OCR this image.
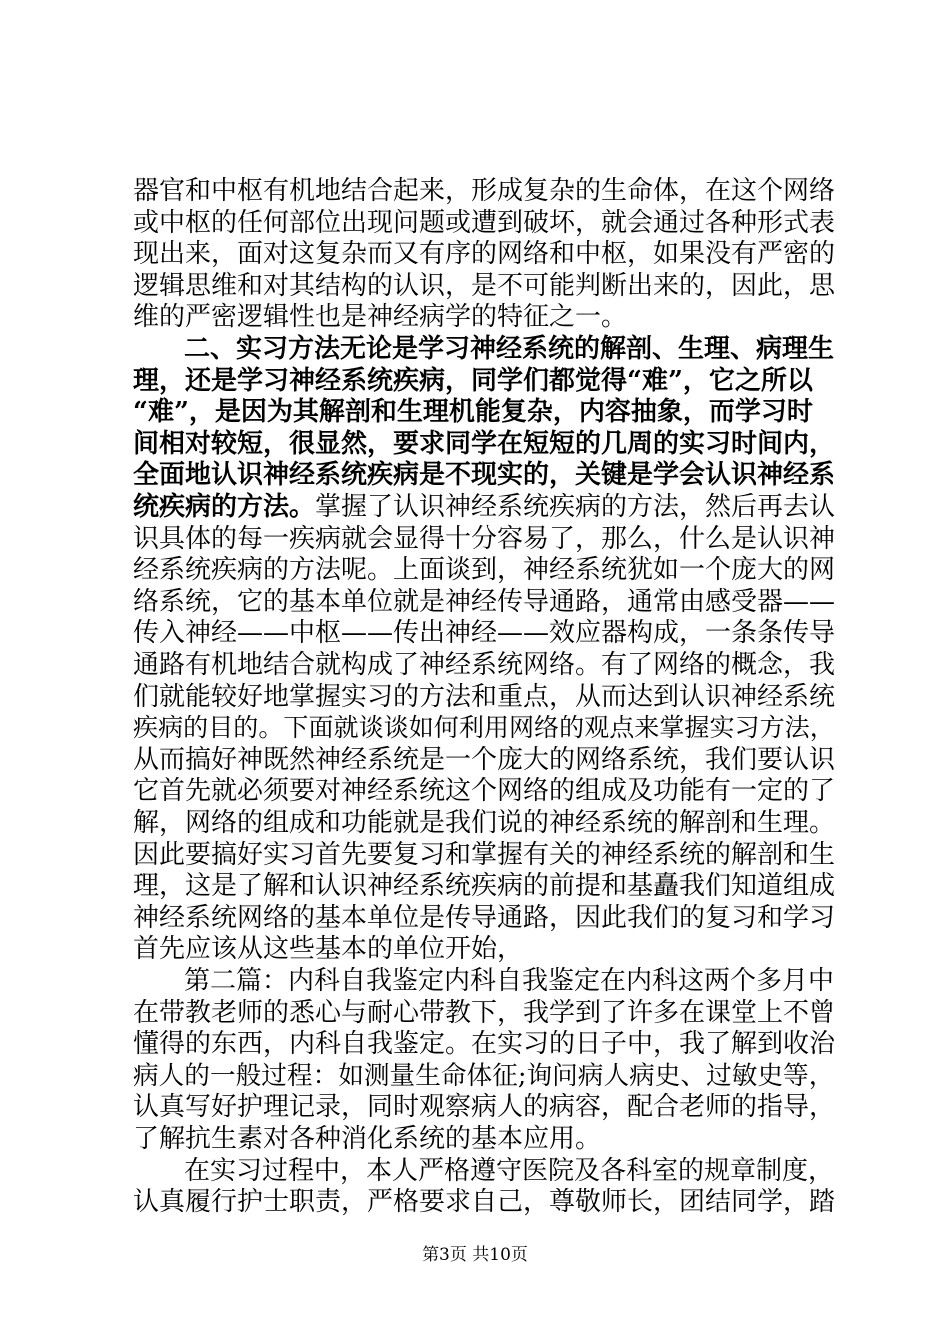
器官和中枢有机地结合起来，形成复杂的生命体，在这个网络
或中枢的任何部位出现问题或遭到破坏，就会通过各种形式表
现出来，面对这复杂而又有序的网络和中枢，如果没有严密的
逻辑思维和对其结构的认识，是不可能判断出来的，因此，思
维的严密逻辑性也是神经病学的特征之一。
二、实习方法无论是学习神经系统的解剖、生理、病理生
理，还是学习神经系统疾病，同学们都觉得“难”，它之所以
“难”，是因为其解剖和生理机能复杂，内容抽象，而学习时
间相对较短，很显然，要求同学在短短的几周的实习时间内，
全面地认识神经系统疾病是不现实的，关键是学会认识神经系
统疾病的方法。掌握了认识神经系统疾病的方法，然后再去认
识具体的每一疾病就会显得十分容易了，那么，什么是认识神
经系统疾病的方法呢。上面谈到，神经系统犹如一个庞大的网
络系统，它的基本单位就是神经传导通路，通常由感受器——
传入神经——中枢——传出神经——效应器构成，一条条传导
通路有机地结合就构成了神经系统网络。有了网络的概念，我
们就能较好地掌握实习的方法和重点，从而达到认识神经系统
疾病的目的。下面就谈谈如何利用网络的观点来掌握实习方法，
从而搞好神既然神经系统是一个庞大的网络系统，我们要认识
它首先就必须要对神经系统这个网络的组成及功能有一定的了
解，网络的组成和功能就是我们说的神经系统的解剖和生理。
因此要搞好实习首先要复习和掌握有关的神经系统的解剖和生
理，这是了解和认识神经系统疾病的前提和基矗我们知道组成
神经系统网络的基本单位是传导通路，因此我们的复习和学习
首先应该从这些基本的单位开始，
第二篇：内科自我鉴定内科自我鉴定在内科这两个多月中
在带教老师的悉心与耐心带教下，我学到了许多在课堂上不曾
懂得的东西，内科自我鉴定。在实习的日子中，我了解到收治
病人的一般过程：如测量生命体征;询问病人病史、过敏史等，
认真写好护理记录，同时观察病人的病容，配合老师的指导，
了解抗生素对各种消化系统的基本应用。
在实习过程中，本人严格遵守医院及各科室的规章制度，
认真履行护士职责，严格要求自己，尊敬师长，团结同学，踏
第3页 共10页
